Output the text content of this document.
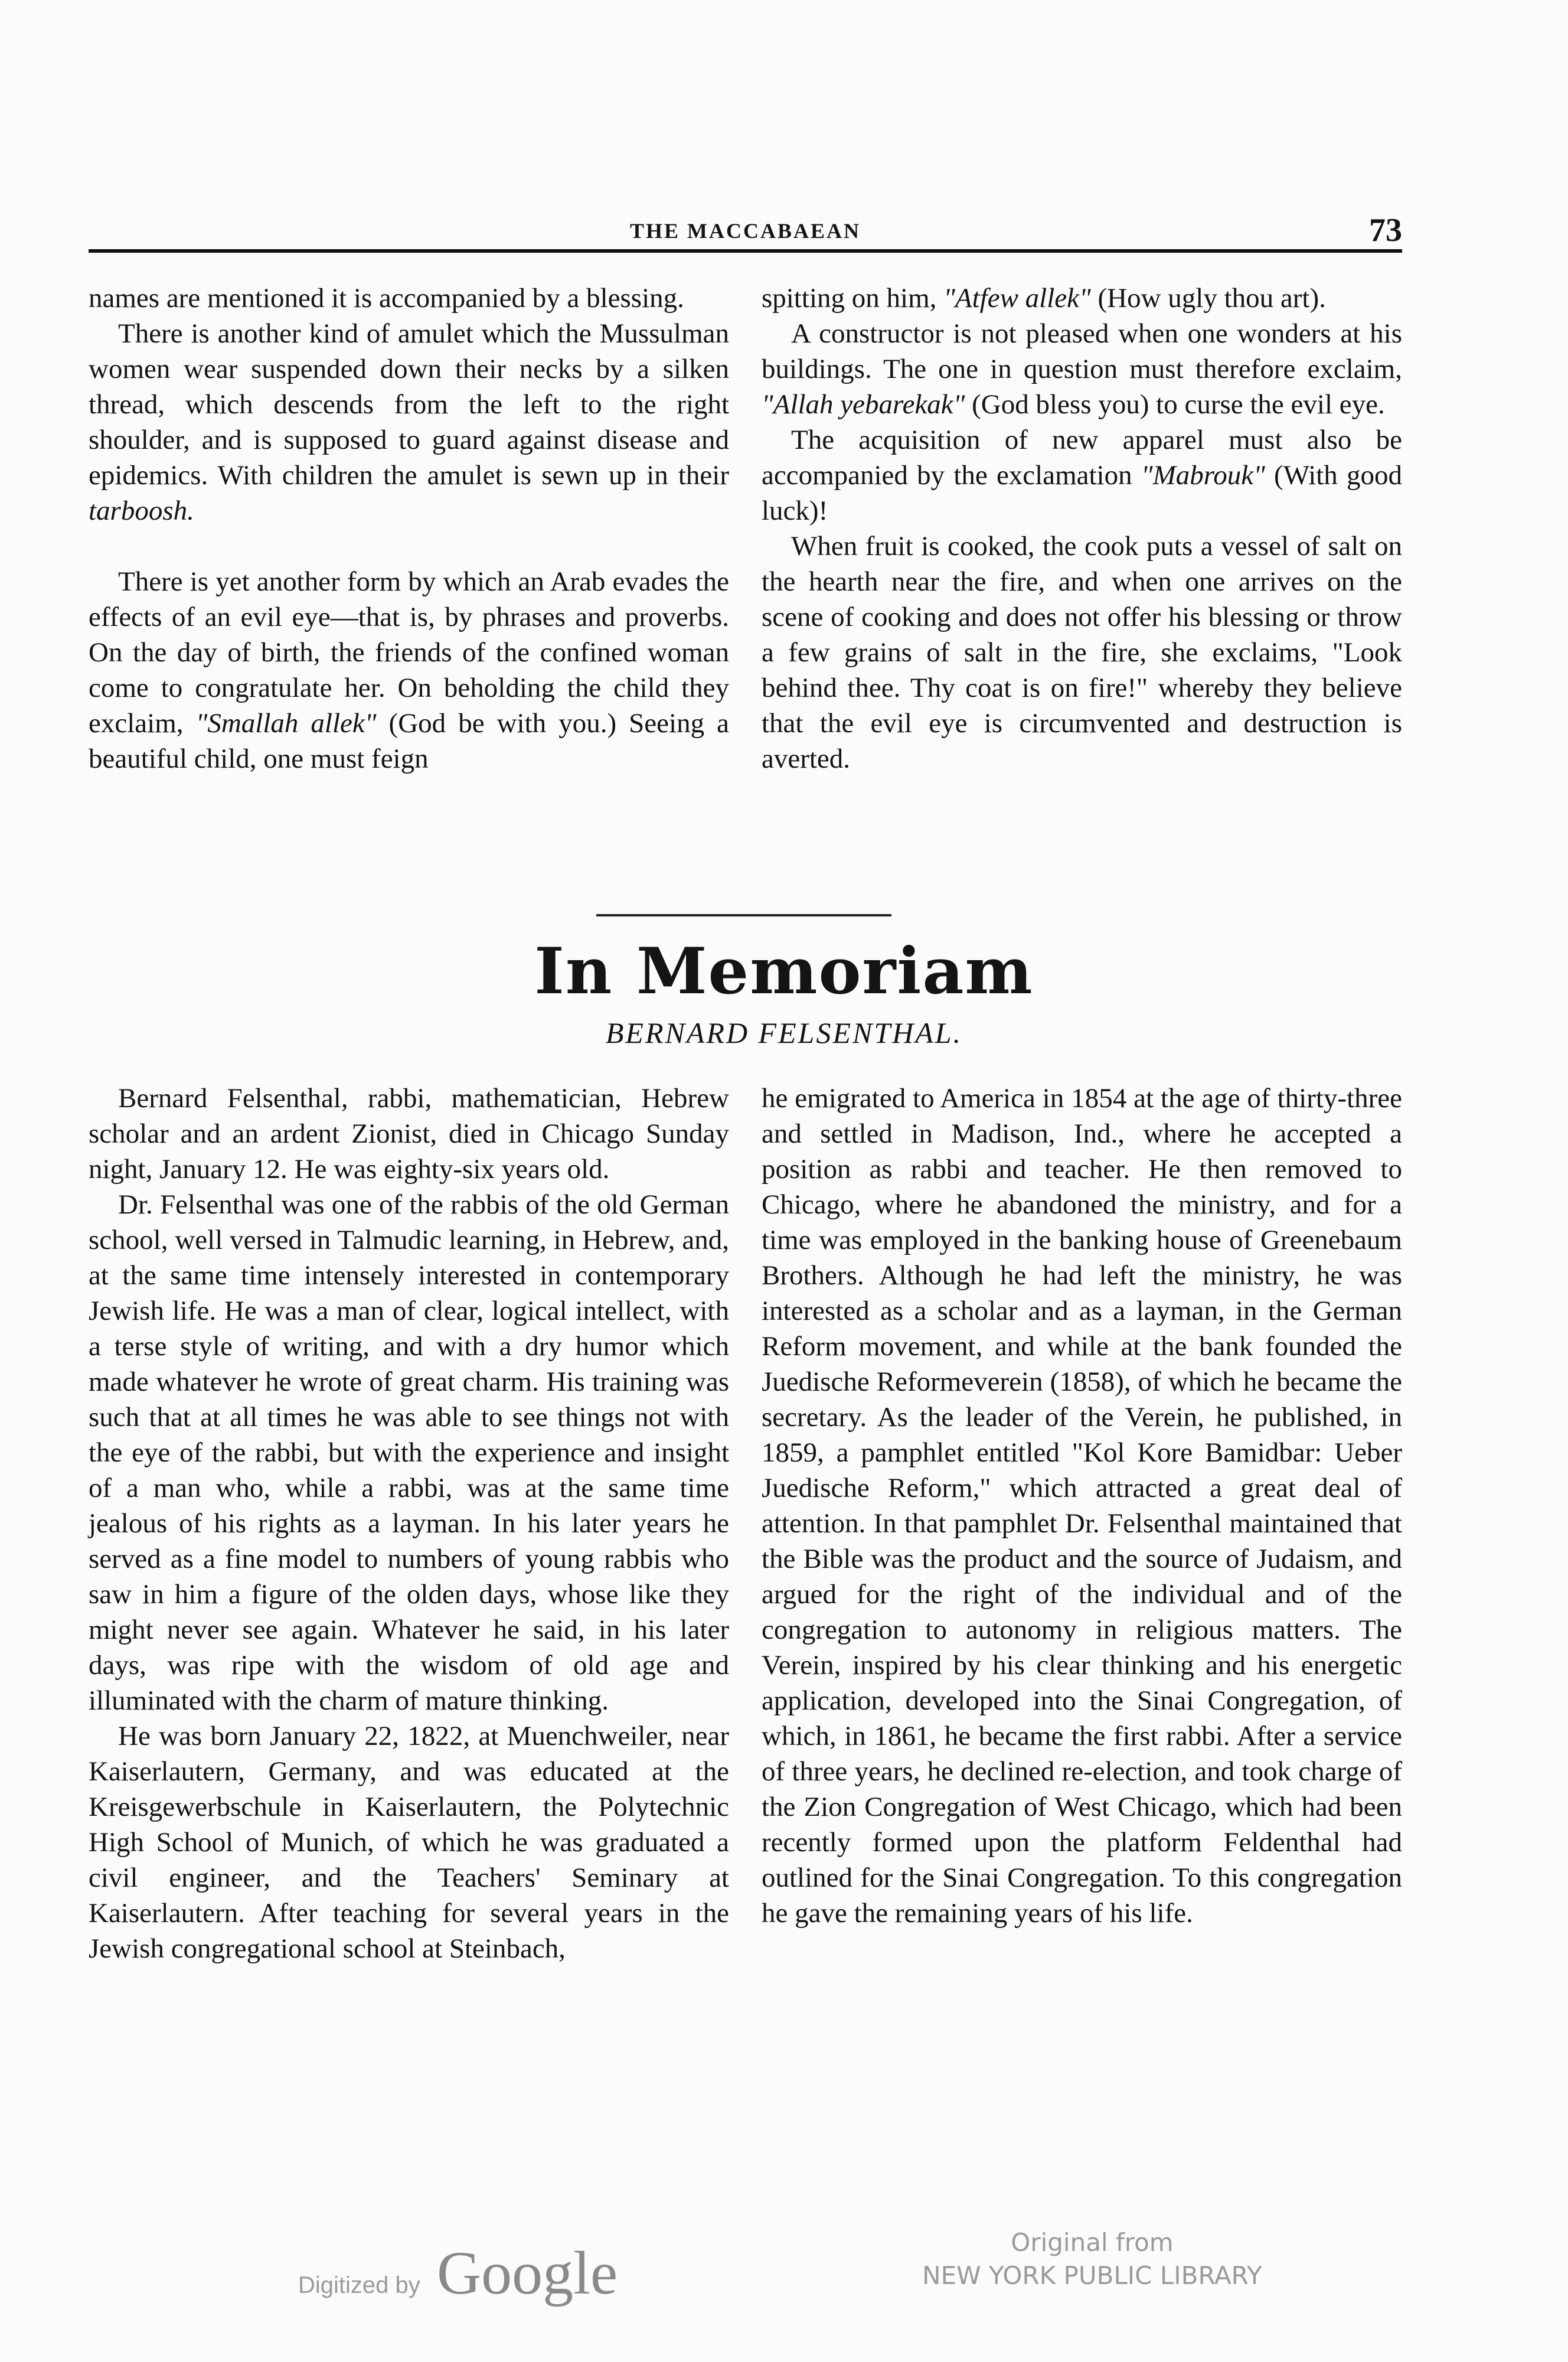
THE MACCABAEAN	73

names are mentioned it is accompanied by a blessing.

There is another kind of amulet which the Mussulman women wear suspended down their necks by a silken thread, which descends from the left to the right shoulder, and is supposed to guard against disease and epidemics. With children the amulet is sewn up in their tarboosh.

There is yet another form by which an Arab evades the effects of an evil eye—that is, by phrases and proverbs. On the day of birth, the friends of the confined woman come to congratulate her. On beholding the child they exclaim, "Smallah allek" (God be with you.) Seeing a beautiful child, one must feign

spitting on him, "Atfew allek" (How ugly thou art).

A constructor is not pleased when one wonders at his buildings. The one in question must therefore exclaim, "Allah yebarekak" (God bless you) to curse the evil eye.

The acquisition of new apparel must also be accompanied by the exclamation "Mabrouk" (With good luck)!

When fruit is cooked, the cook puts a vessel of salt on the hearth near the fire, and when one arrives on the scene of cooking and does not offer his blessing or throw a few grains of salt in the fire, she exclaims, "Look behind thee. Thy coat is on fire!" whereby they believe that the evil eye is circumvented and destruction is averted.

In Memoriam
BERNARD FELSENTHAL.

Bernard Felsenthal, rabbi, mathematician, Hebrew scholar and an ardent Zionist, died in Chicago Sunday night, January 12. He was eighty-six years old.

Dr. Felsenthal was one of the rabbis of the old German school, well versed in Talmudic learning, in Hebrew, and, at the same time intensely interested in contemporary Jewish life. He was a man of clear, logical intellect, with a terse style of writing, and with a dry humor which made whatever he wrote of great charm. His training was such that at all times he was able to see things not with the eye of the rabbi, but with the experience and insight of a man who, while a rabbi, was at the same time jealous of his rights as a layman. In his later years he served as a fine model to numbers of young rabbis who saw in him a figure of the olden days, whose like they might never see again. Whatever he said, in his later days, was ripe with the wisdom of old age and illuminated with the charm of mature thinking.

He was born January 22, 1822, at Muenchweiler, near Kaiserlautern, Germany, and was educated at the Kreisgewerbschule in Kaiserlautern, the Polytechnic High School of Munich, of which he was graduated a civil engineer, and the Teachers' Seminary at Kaiserlautern. After teaching for several years in the Jewish congregational school at Steinbach,

he emigrated to America in 1854 at the age of thirty-three and settled in Madison, Ind., where he accepted a position as rabbi and teacher. He then removed to Chicago, where he abandoned the ministry, and for a time was employed in the banking house of Greenebaum Brothers. Although he had left the ministry, he was interested as a scholar and as a layman, in the German Reform movement, and while at the bank founded the Juedische Reformeverein (1858), of which he became the secretary. As the leader of the Verein, he published, in 1859, a pamphlet entitled "Kol Kore Bamidbar: Ueber Juedische Reform," which attracted a great deal of attention. In that pamphlet Dr. Felsenthal maintained that the Bible was the product and the source of Judaism, and argued for the right of the individual and of the congregation to autonomy in religious matters. The Verein, inspired by his clear thinking and his energetic application, developed into the Sinai Congregation, of which, in 1861, he became the first rabbi. After a service of three years, he declined re-election, and took charge of the Zion Congregation of West Chicago, which had been recently formed upon the platform Feldenthal had outlined for the Sinai Congregation. To this congregation he gave the remaining years of his life.

Digitized by Google	Original from
NEW YORK PUBLIC LIBRARY
